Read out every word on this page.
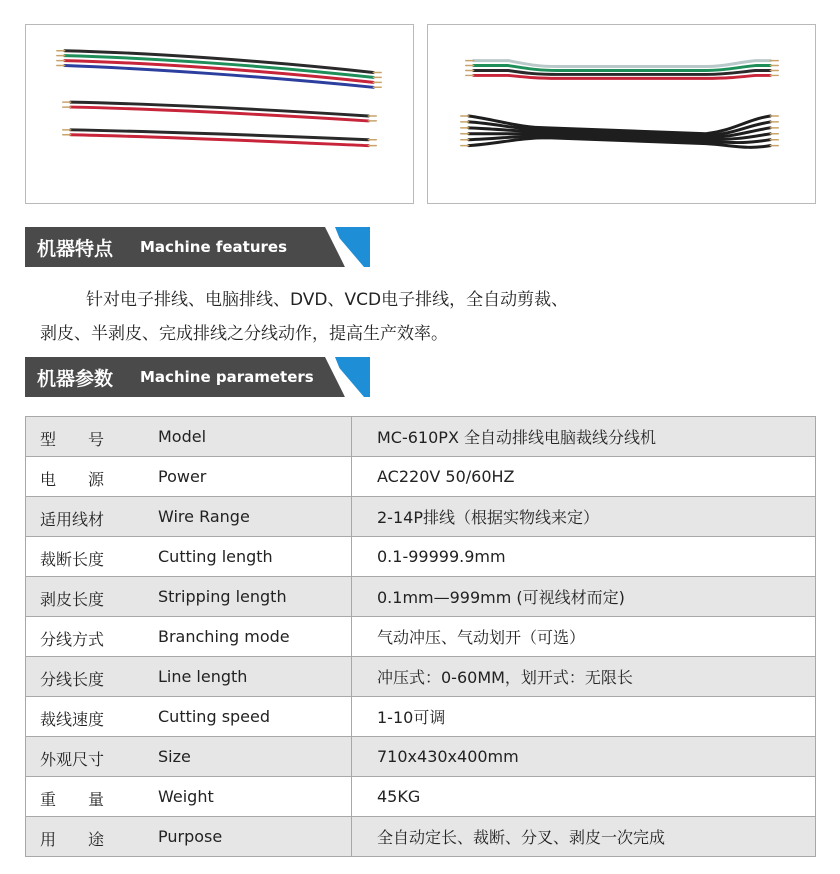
机器特点 Machine features

针对电子排线、电脑排线、DVD、VCD电子排线，全自动剪裁、
剥皮、半剥皮、完成排线之分线动作，提高生产效率。

机器参数 Machine parameters
型　　号 Model	MC-610PX 全自动排线电脑裁线分线机

电　　源 Power	AC220V 50/60HZ

适用线材 Wire Range	2-14P排线（根据实物线来定）

裁断长度 Cutting length	0.1-99999.9mm

剥皮长度 Stripping length	0.1mm—999mm (可视线材而定)

分线方式 Branching mode	气动冲压、气动划开（可选）

分线长度 Line length	冲压式：0-60MM，划开式：无限长

裁线速度 Cutting speed	1-10可调

外观尺寸 Size	710x430x400mm

重　　量 Weight	45KG

用　　途 Purpose	全自动定长、裁断、分叉、剥皮一次完成
